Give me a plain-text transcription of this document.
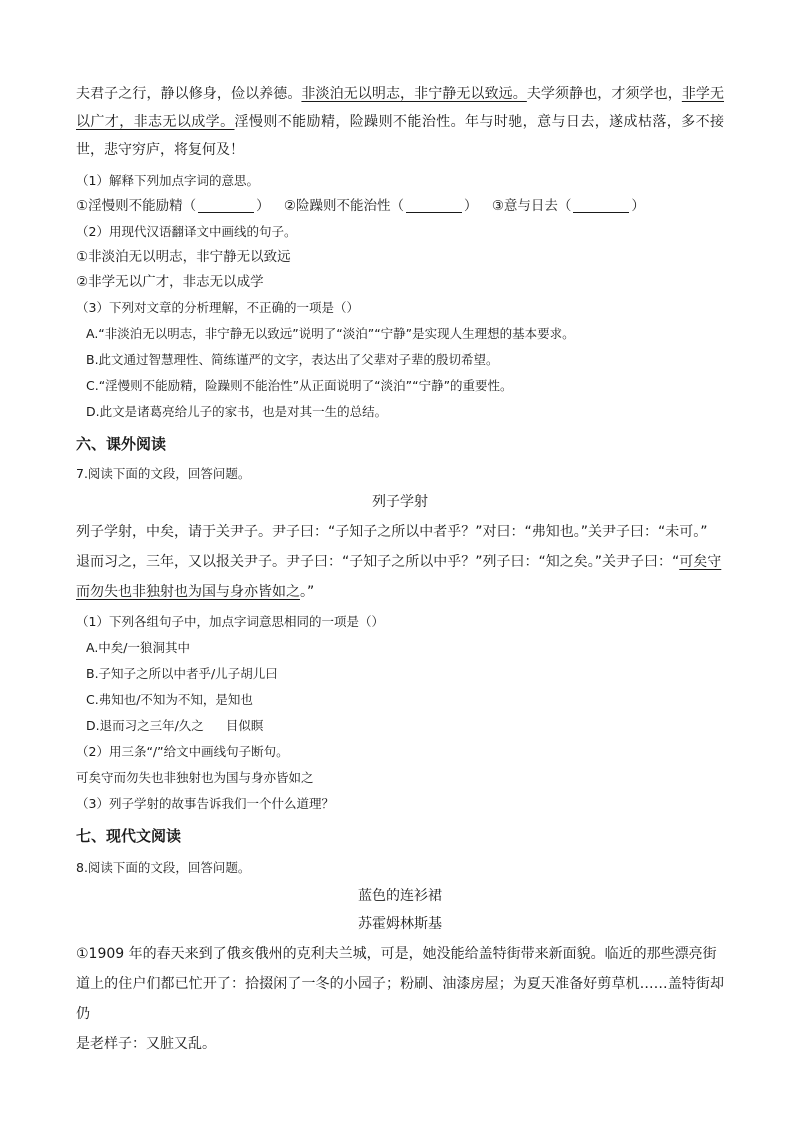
夫君子之行，静以修身，俭以养德。非淡泊无以明志，非宁静无以致远。夫学须静也，才须学也，非学无以广才，非志无以成学。淫慢则不能励精，险躁则不能治性。年与时驰，意与日去，遂成枯落，多不接世，悲守穷庐，将复何及！

（1）解释下列加点字词的意思。

①淫慢则不能励精（	） ②险躁则不能治性（	） ③意与日去（	）

（2）用现代汉语翻译文中画线的句子。

①非淡泊无以明志，非宁静无以致远

②非学无以广才，非志无以成学

（3）下列对文章的分析理解，不正确的一项是（）

A.“非淡泊无以明志，非宁静无以致远”说明了“淡泊”“宁静”是实现人生理想的基本要求。

B.此文通过智慧理性、简练谨严的文字，表达出了父辈对子辈的殷切希望。

C.“淫慢则不能励精，险躁则不能治性”从正面说明了“淡泊”“宁静”的重要性。

D.此文是诸葛亮给儿子的家书，也是对其一生的总结。

六、课外阅读

7.阅读下面的文段，回答问题。

列子学射

列子学射，中矣，请于关尹子。尹子曰：“子知子之所以中者乎？”对曰：“弗知也。”关尹子曰：“未可。”

退而习之，三年，又以报关尹子。尹子曰：“子知子之所以中乎？”列子曰：“知之矣。”关尹子曰：“可矣守

而勿失也非独射也为国与身亦皆如之。”

（1）下列各组句子中，加点字词意思相同的一项是（）

A.中矣/一狼洞其中

B.子知子之所以中者乎/儿子胡儿曰

C.弗知也/不知为不知，是知也

D.退而习之三年/久之 目似瞑

（2）用三条“/”给文中画线句子断句。

可矣守而勿失也非独射也为国与身亦皆如之

（3）列子学射的故事告诉我们一个什么道理？

七、现代文阅读

8.阅读下面的文段，回答问题。

蓝色的连衫裙

苏霍姆林斯基

①1909 年的春天来到了俄亥俄州的克利夫兰城，可是，她没能给盖特街带来新面貌。临近的那些漂亮街

道上的住户们都已忙开了：拾掇闲了一冬的小园子；粉刷、油漆房屋；为夏天准备好剪草机……盖特街却仍

是老样子：又脏又乱。
